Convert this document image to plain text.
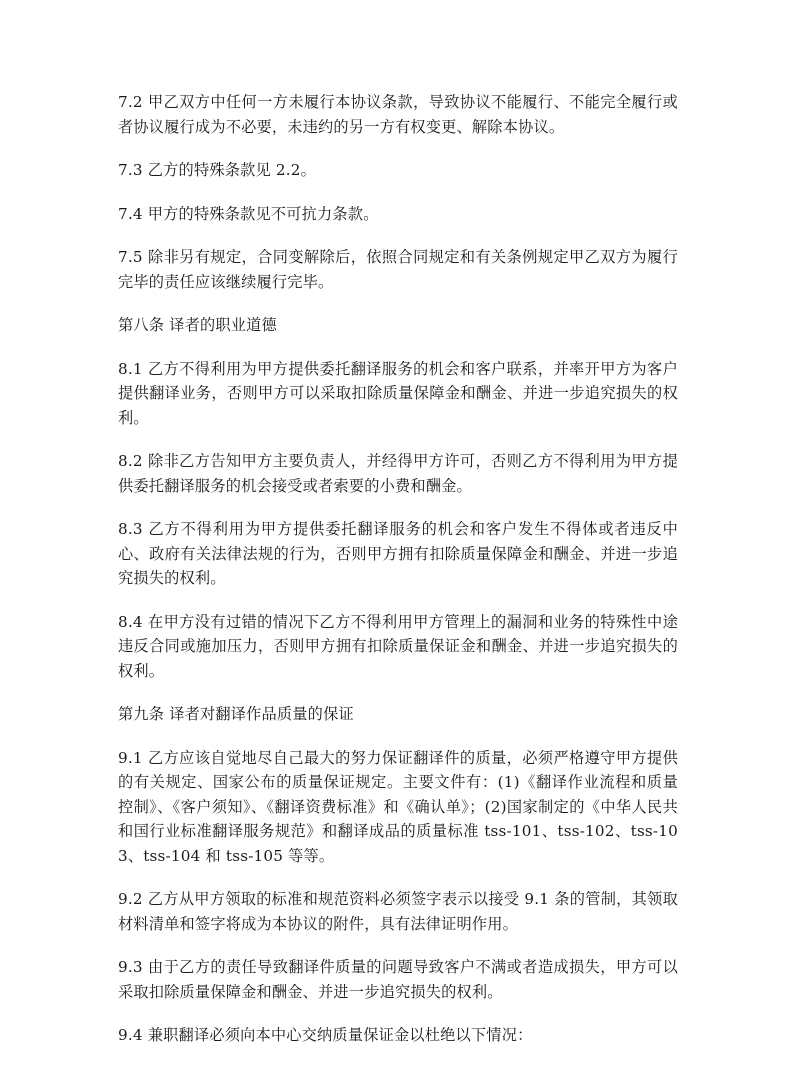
7.2 甲乙双方中任何一方未履行本协议条款，导致协议不能履行、不能完全履行或者协议履行成为不必要，未违约的另一方有权变更、解除本协议。

7.3 乙方的特殊条款见 2.2。

7.4 甲方的特殊条款见不可抗力条款。

7.5 除非另有规定，合同变解除后，依照合同规定和有关条例规定甲乙双方为履行完毕的责任应该继续履行完毕。

第八条 译者的职业道德

8.1 乙方不得利用为甲方提供委托翻译服务的机会和客户联系，并率开甲方为客户提供翻译业务，否则甲方可以采取扣除质量保障金和酬金、并进一步追究损失的权利。

8.2 除非乙方告知甲方主要负责人，并经得甲方许可，否则乙方不得利用为甲方提供委托翻译服务的机会接受或者索要的小费和酬金。

8.3 乙方不得利用为甲方提供委托翻译服务的机会和客户发生不得体或者违反中心、政府有关法律法规的行为，否则甲方拥有扣除质量保障金和酬金、并进一步追究损失的权利。

8.4 在甲方没有过错的情况下乙方不得利用甲方管理上的漏洞和业务的特殊性中途违反合同或施加压力，否则甲方拥有扣除质量保证金和酬金、并进一步追究损失的权利。

第九条 译者对翻译作品质量的保证

9.1 乙方应该自觉地尽自己最大的努力保证翻译件的质量，必须严格遵守甲方提供的有关规定、国家公布的质量保证规定。主要文件有：(1)《翻译作业流程和质量控制》、《客户须知》、《翻译资费标准》和《确认单》；(2)国家制定的《中华人民共和国行业标准翻译服务规范》和翻译成品的质量标准 tss-101、tss-102、tss-103、tss-104 和 tss-105 等等。

9.2 乙方从甲方领取的标准和规范资料必须签字表示以接受 9.1 条的管制，其领取材料清单和签字将成为本协议的附件，具有法律证明作用。

9.3 由于乙方的责任导致翻译件质量的问题导致客户不满或者造成损失，甲方可以采取扣除质量保障金和酬金、并进一步追究损失的权利。

9.4 兼职翻译必须向本中心交纳质量保证金以杜绝以下情况：
